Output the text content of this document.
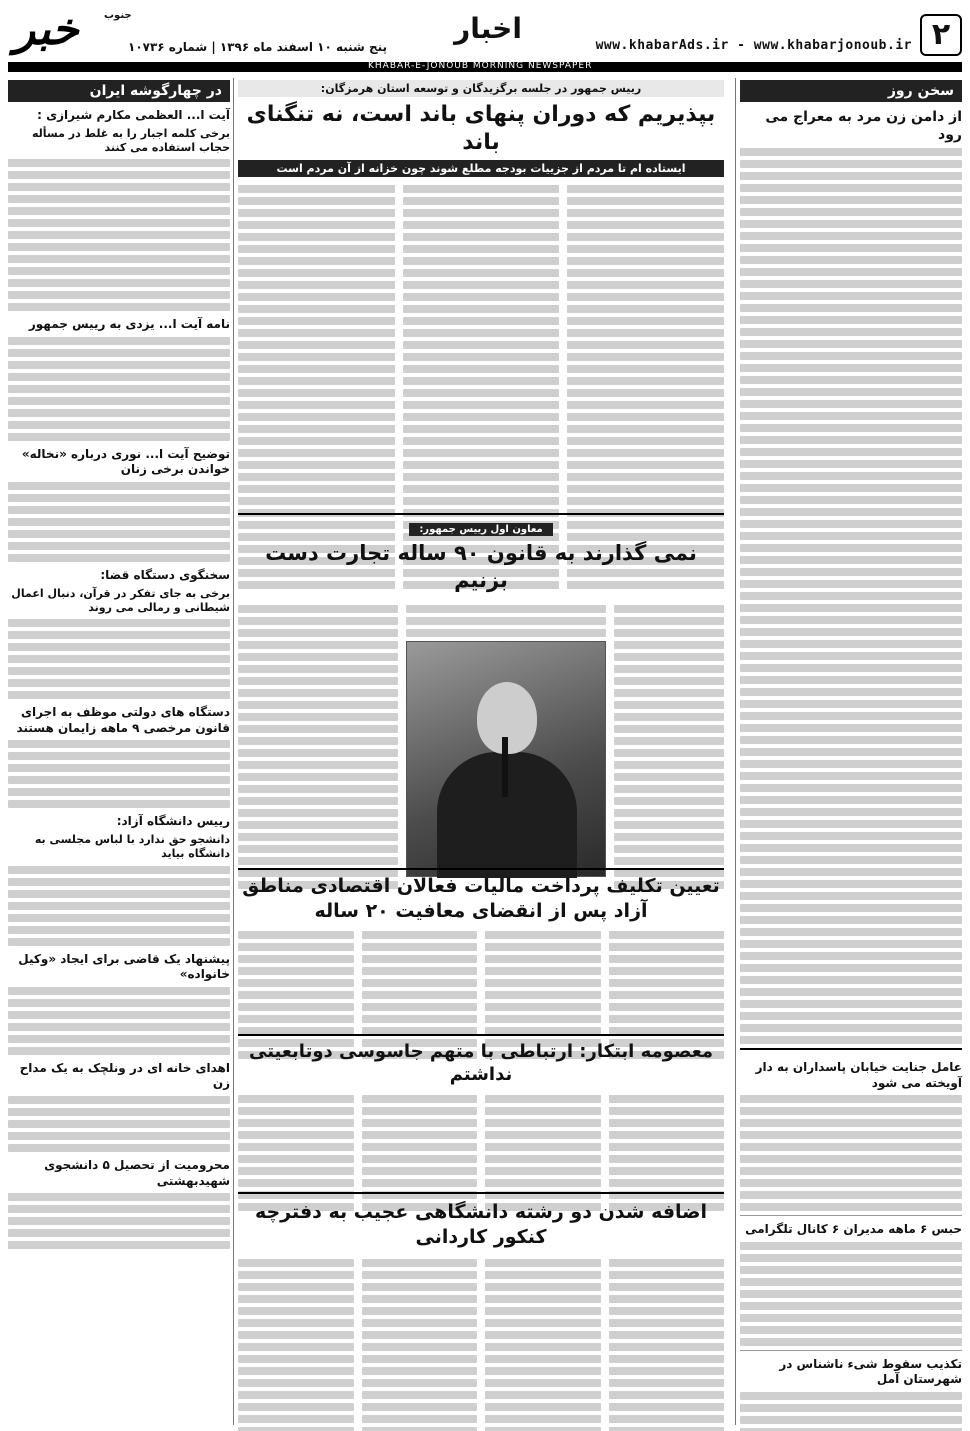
۲
www.khabarAds.ir - www.khabarjonoub.ir
اخبار
پنج شنبه ۱۰ اسفند ماه ۱۳۹۶ | شماره ۱۰۷۳۶
خبر	جنوب
KHABAR-E-JONOUB MORNING NEWSPAPER
سخن روز
از دامن زن مرد به معراج می رود
عامل جنایت خیابان پاسداران به دار آویخته می شود
حبس ۶ ماهه مدیران ۶ کانال تلگرامی
تکذیب سقوط شیء ناشناس در شهرستان آمل
در چهارگوشه ایران
آیت ا... العظمی مکارم شیرازی :
برخی کلمه اجبار را به غلط در مسأله حجاب استفاده می کنند
نامه آیت ا... یزدی به رییس جمهور
توضیح آیت ا... نوری درباره «نخاله» خواندن برخی زنان
سخنگوی دستگاه قضا:
برخی به جای تفکر در قرآن، دنبال اعمال شیطانی و رمالی می روند
دستگاه های دولتی موظف به اجرای قانون مرخصی ۹ ماهه زایمان هستند
رییس دانشگاه آزاد:
دانشجو حق ندارد با لباس مجلسی به دانشگاه بیاید
پیشنهاد یک قاضی برای ایجاد «وکیل خانواده»
اهدای خانه ای در ونلچک به یک مداح زن
محرومیت از تحصیل ۵ دانشجوی شهیدبهشتی
رییس جمهور در جلسه برگزیدگان و توسعه استان هرمزگان:
بپذیریم که دوران پنهای باند است، نه تنگنای باند
ایستاده ام تا مردم از جزییات بودجه مطلع شوند چون خزانه از آن مردم است
معاون اول رییس جمهور:
نمی گذارند به قانون ۹۰ ساله تجارت دست بزنیم
تعیین تکلیف پرداخت مالیات فعالان اقتصادی مناطق آزاد پس از انقضای معافیت ۲۰ ساله
معصومه ابتکار: ارتباطی با متهم جاسوسی دوتابعیتی نداشتم
اضافه شدن دو رشته دانشگاهی عجیب به دفترچه کنکور کاردانی
